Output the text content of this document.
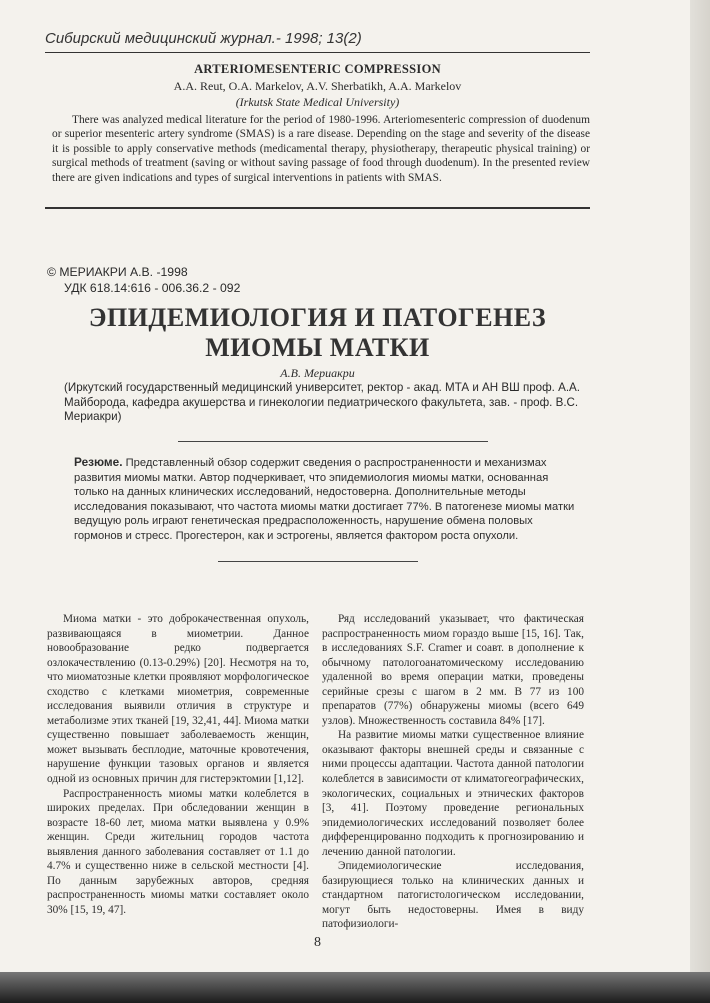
Сибирский медицинский журнал.- 1998; 13(2)
ARTERIOMESENTERIC COMPRESSION
A.A. Reut, O.A. Markelov, A.V. Sherbatikh, A.A. Markelov
(Irkutsk State Medical University)
There was analyzed medical literature for the period of 1980-1996. Arteriomesenteric compression of duodenum or superior mesenteric artery syndrome (SMAS) is a rare disease. Depending on the stage and severity of the disease it is possible to apply conservative methods (medicamental therapy, physiotherapy, therapeutic physical training) or surgical methods of treatment (saving or without saving passage of food through duodenum). In the presented review there are given indications and types of surgical interventions in patients with SMAS.
© МЕРИАКРИ А.В. -1998
УДК 618.14:616 - 006.36.2 - 092
ЭПИДЕМИОЛОГИЯ И ПАТОГЕНЕЗ
МИОМЫ МАТКИ
А.В. Мериакри
(Иркутский государственный медицинский университет, ректор - акад. МТА и АН ВШ проф. А.А. Майборода, кафедра акушерства и гинекологии педиатрического факультета, зав. - проф. В.С. Мериакри)
Резюме. Представленный обзор содержит сведения о распространенности и механизмах развития миомы матки. Автор подчеркивает, что эпидемиология миомы матки, основанная только на данных клинических исследований, недостоверна. Дополнительные методы исследования показывают, что частота миомы матки достигает 77%. В патогенезе миомы матки ведущую роль играют генетическая предрасположенность, нарушение обмена половых гормонов и стресс. Прогестерон, как и эстрогены, является фактором роста опухоли.

Миома матки - это доброкачественная опухоль, развивающаяся в миометрии. Данное новообразование редко подвергается озлокачествлению (0.13-0.29%) [20]. Несмотря на то, что миоматозные клетки проявляют морфологическое сходство с клетками миометрия, современные исследования выявили отличия в структуре и метаболизме этих тканей [19, 32,41, 44]. Миома матки существенно повышает заболеваемость женщин, может вызывать бесплодие, маточные кровотечения, нарушение функции тазовых органов и является одной из основных причин для гистерэктомии [1,12].

Распространенность миомы матки колеблется в широких пределах. При обследовании женщин в возрасте 18-60 лет, миома матки выявлена у 0.9% женщин. Среди жительниц городов частота выявления данного заболевания составляет от 1.1 до 4.7% и существенно ниже в сельской местности [4]. По данным зарубежных авторов, средняя распространенность миомы матки составляет около 30% [15, 19, 47].

Ряд исследований указывает, что фактическая распространенность миом гораздо выше [15, 16]. Так, в исследованиях S.F. Cramer и соавт. в дополнение к обычному патологоанатомическому исследованию удаленной во время операции матки, проведены серийные срезы с шагом в 2 мм. В 77 из 100 препаратов (77%) обнаружены миомы (всего 649 узлов). Множественность составила 84% [17].

На развитие миомы матки существенное влияние оказывают факторы внешней среды и связанные с ними процессы адаптации. Частота данной патологии колеблется в зависимости от климатогеографических, экологических, социальных и этнических факторов [3, 41]. Поэтому проведение региональных эпидемиологических исследований позволяет более дифференцированно подходить к прогнозированию и лечению данной патологии.

Эпидемиологические исследования, базирующиеся только на клинических данных и стандартном патогистологическом исследовании, могут быть недостоверны. Имея в виду патофизиологи-

8
